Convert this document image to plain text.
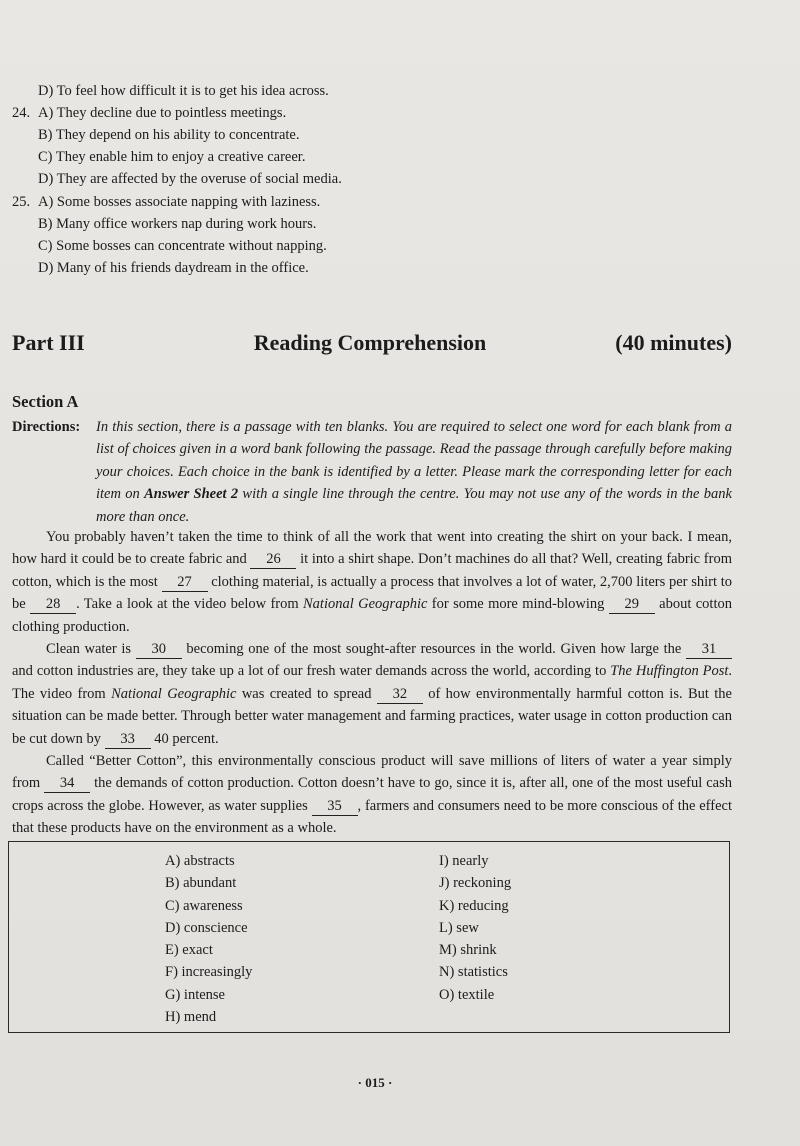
D) To feel how difficult it is to get his idea across.
24. A) They decline due to pointless meetings.
B) They depend on his ability to concentrate.
C) They enable him to enjoy a creative career.
D) They are affected by the overuse of social media.
25. A) Some bosses associate napping with laziness.
B) Many office workers nap during work hours.
C) Some bosses can concentrate without napping.
D) Many of his friends daydream in the office.
Part III	Reading Comprehension	(40 minutes)
Section A
Directions:	In this section, there is a passage with ten blanks. You are required to select one word for each blank from a list of choices given in a word bank following the passage. Read the passage through carefully before making your choices. Each choice in the bank is identified by a letter. Please mark the corresponding letter for each item on Answer Sheet 2 with a single line through the centre. You may not use any of the words in the bank more than once.

You probably haven’t taken the time to think of all the work that went into creating the shirt on your back. I mean, how hard it could be to create fabric and 26 it into a shirt shape. Don’t machines do all that? Well, creating fabric from cotton, which is the most 27 clothing material, is actually a process that involves a lot of water, 2,700 liters per shirt to be 28 . Take a look at the video below from National Geographic for some more mind-blowing 29 about cotton clothing production.

Clean water is 30 becoming one of the most sought-after resources in the world. Given how large the 31 and cotton industries are, they take up a lot of our fresh water demands across the world, according to The Huffington Post. The video from National Geographic was created to spread 32 of how environmentally harmful cotton is. But the situation can be made better. Through better water management and farming practices, water usage in cotton production can be cut down by 33 40 percent.

Called “Better Cotton”, this environmentally conscious product will save millions of liters of water a year simply from 34 the demands of cotton production. Cotton doesn’t have to go, since it is, after all, one of the most useful cash crops across the globe. However, as water supplies 35 , farmers and consumers need to be more conscious of the effect that these products have on the environment as a whole.

A) abstracts
B) abundant
C) awareness
D) conscience
E) exact
F) increasingly
G) intense
H) mend
I) nearly
J) reckoning
K) reducing
L) sew
M) shrink
N) statistics
O) textile
· 015 ·
